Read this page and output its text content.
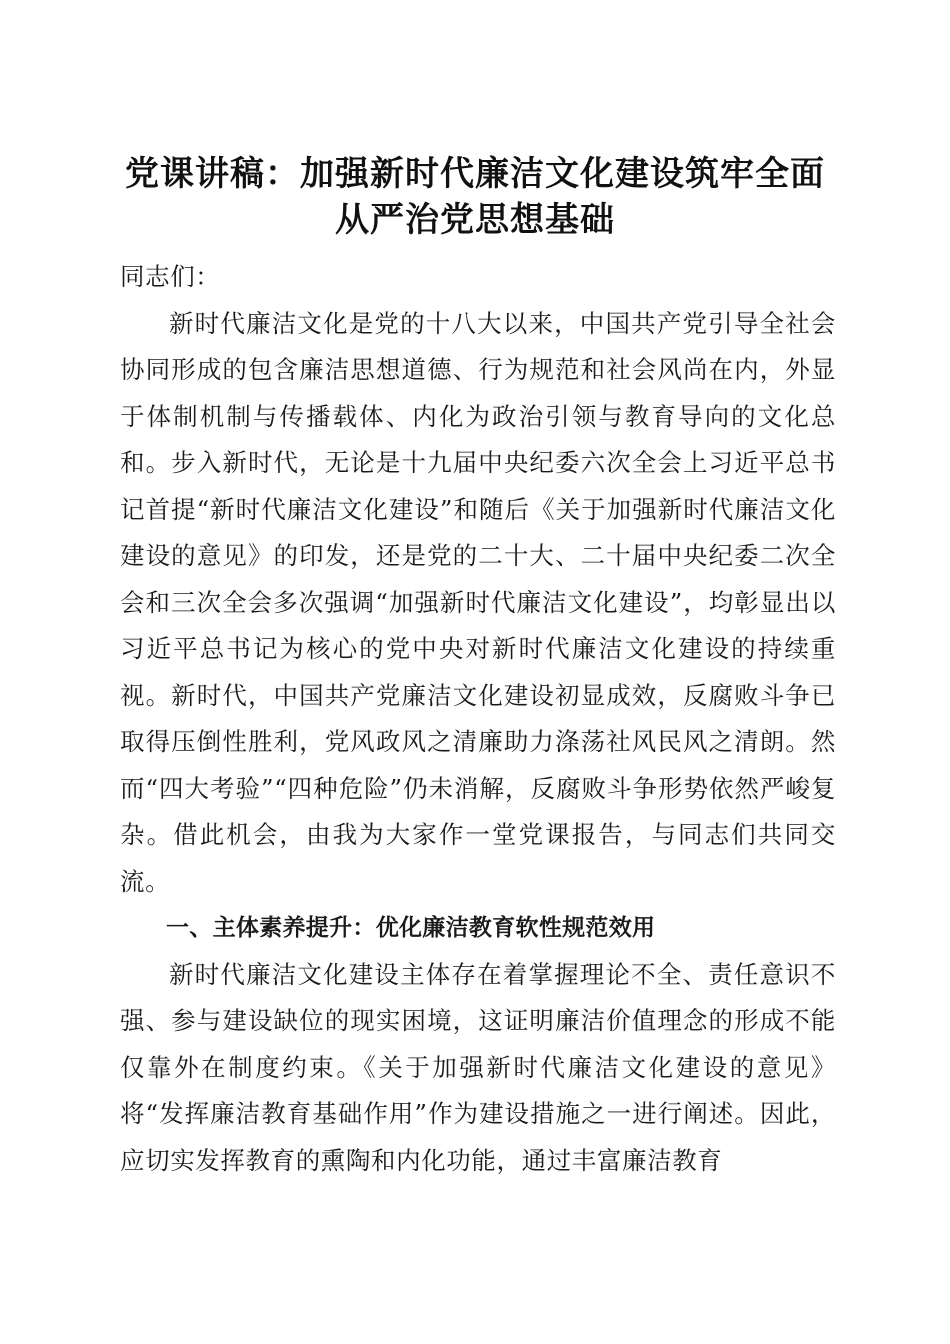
党课讲稿：加强新时代廉洁文化建设筑牢全面
从严治党思想基础

同志们：

新时代廉洁文化是党的十八大以来，中国共产党引导全社会协同形成的包含廉洁思想道德、行为规范和社会风尚在内，外显于体制机制与传播载体、内化为政治引领与教育导向的文化总和。步入新时代，无论是十九届中央纪委六次全会上习近平总书记首提“新时代廉洁文化建设”和随后《关于加强新时代廉洁文化建设的意见》的印发，还是党的二十大、二十届中央纪委二次全会和三次全会多次强调“加强新时代廉洁文化建设”，均彰显出以习近平总书记为核心的党中央对新时代廉洁文化建设的持续重视。新时代，中国共产党廉洁文化建设初显成效，反腐败斗争已取得压倒性胜利，党风政风之清廉助力涤荡社风民风之清朗。然而“四大考验”“四种危险”仍未消解，反腐败斗争形势依然严峻复杂。借此机会，由我为大家作一堂党课报告，与同志们共同交流。

一、主体素养提升：优化廉洁教育软性规范效用

新时代廉洁文化建设主体存在着掌握理论不全、责任意识不强、参与建设缺位的现实困境，这证明廉洁价值理念的形成不能仅靠外在制度约束。《关于加强新时代廉洁文化建设的意见》将“发挥廉洁教育基础作用”作为建设措施之一进行阐述。因此，应切实发挥教育的熏陶和内化功能，通过丰富廉洁教育
